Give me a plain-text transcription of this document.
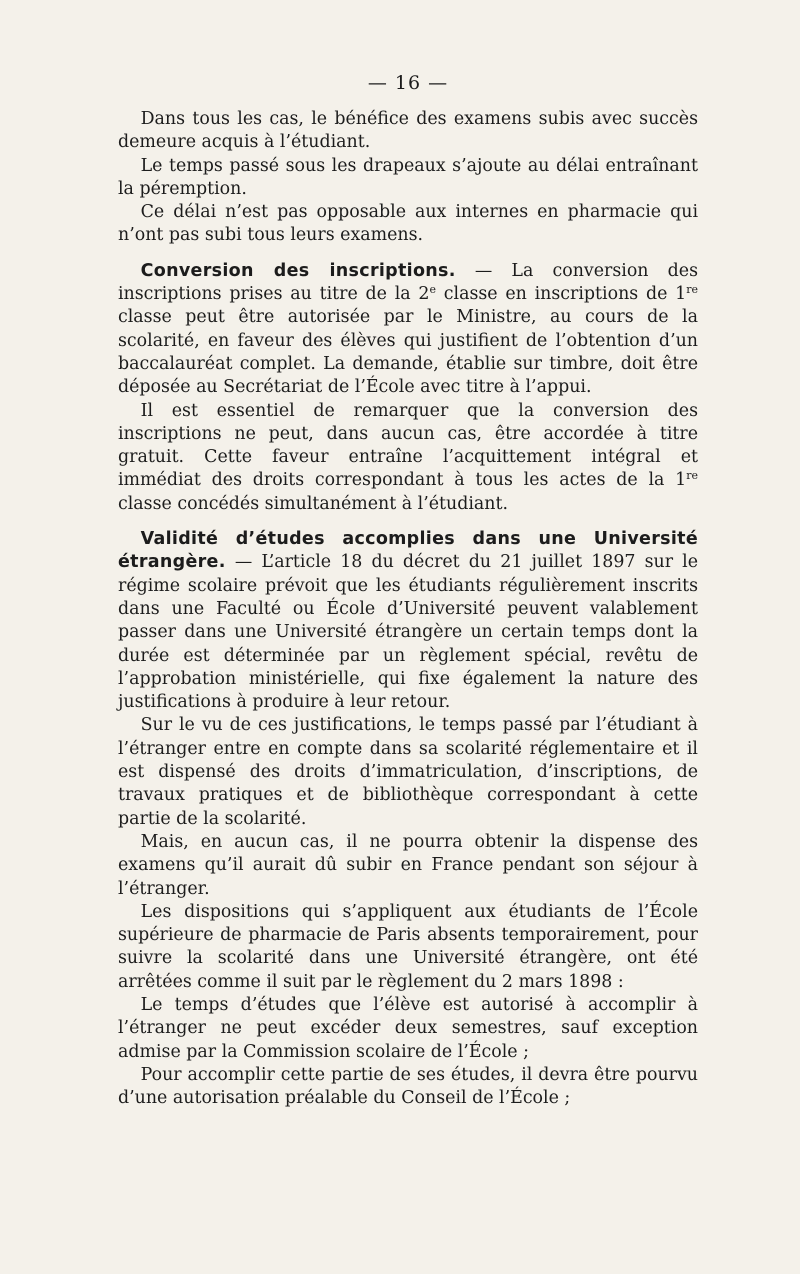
— 16 —

Dans tous les cas, le bénéfice des examens subis avec succès demeure acquis à l’étudiant.

Le temps passé sous les drapeaux s’ajoute au délai entraînant la péremption.

Ce délai n’est pas opposable aux internes en pharmacie qui n’ont pas subi tous leurs examens.

Conversion des inscriptions. — La conversion des inscriptions prises au titre de la 2e classe en inscriptions de 1re classe peut être autorisée par le Ministre, au cours de la scolarité, en faveur des élèves qui justifient de l’obtention d’un baccalauréat complet. La demande, établie sur timbre, doit être déposée au Secrétariat de l’École avec titre à l’appui.

Il est essentiel de remarquer que la conversion des inscriptions ne peut, dans aucun cas, être accordée à titre gratuit. Cette faveur entraîne l’acquittement intégral et immédiat des droits correspondant à tous les actes de la 1re classe concédés simultanément à l’étudiant.

Validité d’études accomplies dans une Université étrangère. — L’article 18 du décret du 21 juillet 1897 sur le régime scolaire prévoit que les étudiants régulièrement inscrits dans une Faculté ou École d’Université peuvent valablement passer dans une Université étrangère un certain temps dont la durée est déterminée par un règlement spécial, revêtu de l’approbation ministérielle, qui fixe également la nature des justifications à produire à leur retour.

Sur le vu de ces justifications, le temps passé par l’étudiant à l’étranger entre en compte dans sa scolarité réglementaire et il est dispensé des droits d’immatriculation, d’inscriptions, de travaux pratiques et de bibliothèque correspondant à cette partie de la scolarité.

Mais, en aucun cas, il ne pourra obtenir la dispense des examens qu’il aurait dû subir en France pendant son séjour à l’étranger.

Les dispositions qui s’appliquent aux étudiants de l’École supérieure de pharmacie de Paris absents temporairement, pour suivre la scolarité dans une Université étrangère, ont été arrêtées comme il suit par le règlement du 2 mars 1898 :

Le temps d’études que l’élève est autorisé à accomplir à l’étranger ne peut excéder deux semestres, sauf exception admise par la Commission scolaire de l’École ;

Pour accomplir cette partie de ses études, il devra être pourvu d’une autorisation préalable du Conseil de l’École ;
